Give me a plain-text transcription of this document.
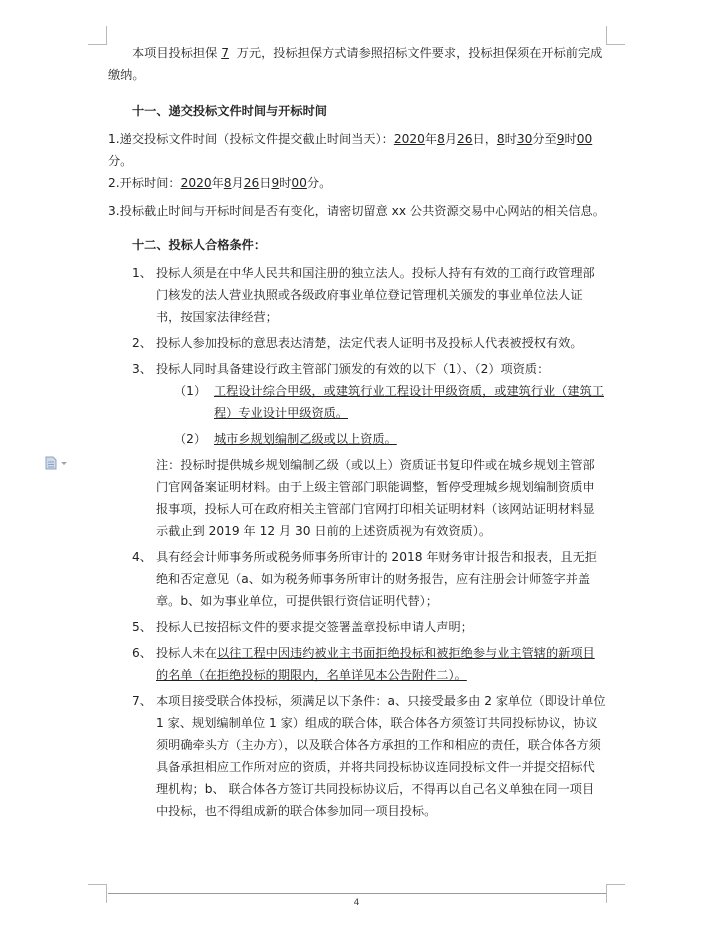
本项目投标担保 7 万元，投标担保方式请参照招标文件要求，投标担保须在开标前完成缴纳。

十一、递交投标文件时间与开标时间

1.递交投标文件时间（投标文件提交截止时间当天）：2020年8月26日，8时30分至9时00分。

2.开标时间：2020年8月26日9时00分。

3.投标截止时间与开标时间是否有变化，请密切留意 xx 公共资源交易中心网站的相关信息。

十二、投标人合格条件：

1、 投标人须是在中华人民共和国注册的独立法人。投标人持有有效的工商行政管理部门核发的法人营业执照或各级政府事业单位登记管理机关颁发的事业单位法人证书，按国家法律经营；
2、 投标人参加投标的意思表达清楚，法定代表人证明书及投标人代表被授权有效。
3、 投标人同时具备建设行政主管部门颁发的有效的以下（1）、（2）项资质：
（1） 工程设计综合甲级，或建筑行业工程设计甲级资质，或建筑行业（建筑工程）专业设计甲级资质。
（2） 城市乡规划编制乙级或以上资质。

注：投标时提供城乡规划编制乙级（或以上）资质证书复印件或在城乡规划主管部门官网备案证明材料。由于上级主管部门职能调整，暂停受理城乡规划编制资质申报事项，投标人可在政府相关主管部门官网打印相关证明材料（该网站证明材料显示截止到 2019 年 12 月 30 日前的上述资质视为有效资质）。

4、 具有经会计师事务所或税务师事务所审计的 2018 年财务审计报告和报表，且无拒绝和否定意见（a、如为税务师事务所审计的财务报告，应有注册会计师签字并盖章。b、如为事业单位，可提供银行资信证明代替）；
5、 投标人已按招标文件的要求提交签署盖章投标申请人声明；
6、 投标人未在以往工程中因违约被业主书面拒绝投标和被拒绝参与业主管辖的新项目的名单（在拒绝投标的期限内，名单详见本公告附件二）。
7、 本项目接受联合体投标，须满足以下条件：a、只接受最多由 2 家单位（即设计单位 1 家、规划编制单位 1 家）组成的联合体，联合体各方须签订共同投标协议，协议须明确牵头方（主办方），以及联合体各方承担的工作和相应的责任，联合体各方须具备承担相应工作所对应的资质，并将共同投标协议连同投标文件一并提交招标代理机构；b、 联合体各方签订共同投标协议后，不得再以自己名义单独在同一项目中投标，也不得组成新的联合体参加同一项目投标。
4
